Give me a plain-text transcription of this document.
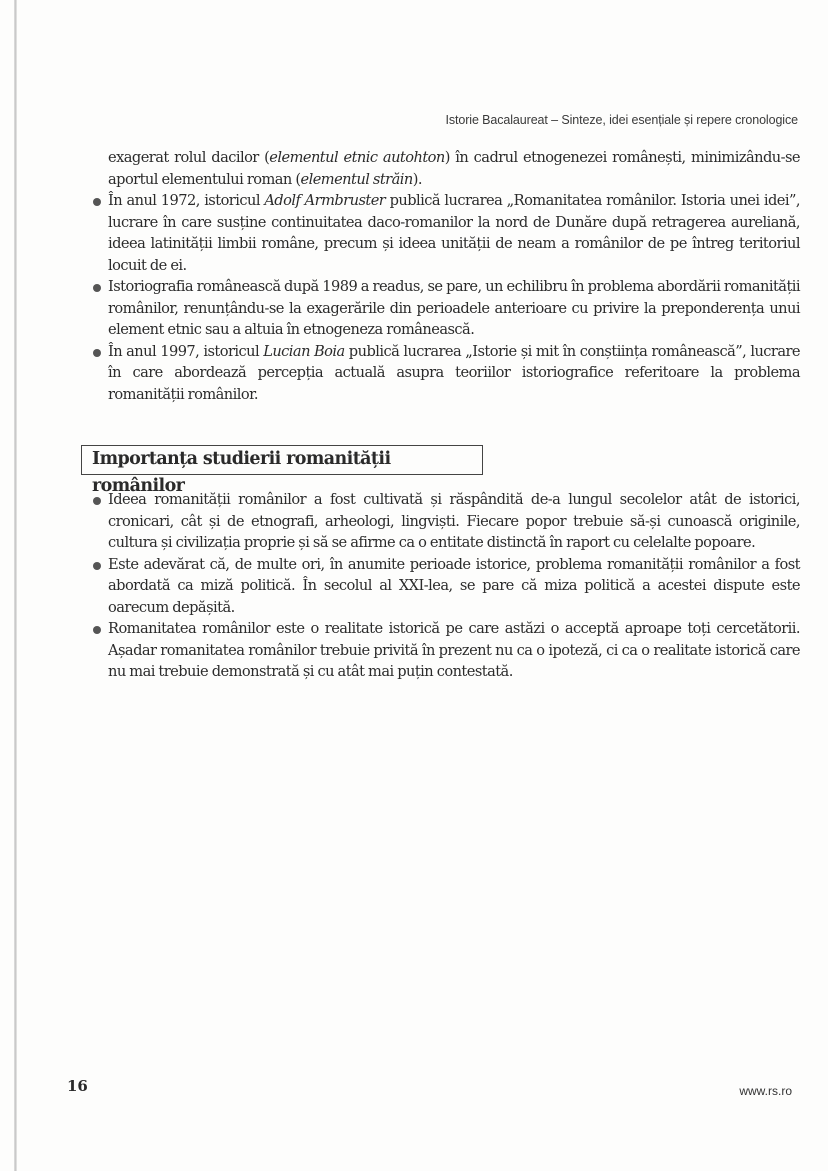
Istorie Bacalaureat – Sinteze, idei esențiale și repere cronologice

exagerat rolul dacilor (elementul etnic autohton) în cadrul etnogenezei românești, minimizându-se aportul elementului roman (elementul străin).

În anul 1972, istoricul Adolf Armbruster publică lucrarea „Romanitatea românilor. Istoria unei idei”, lucrare în care susține continuitatea daco-romanilor la nord de Dunăre după retragerea aureliană, ideea latinității limbii române, precum și ideea unității de neam a românilor de pe întreg teritoriul locuit de ei.

Istoriografia românească după 1989 a readus, se pare, un echilibru în problema abordării romanității românilor, renunțându-se la exagerările din perioadele anterioare cu privire la preponderența unui element etnic sau a altuia în etnogeneza românească.

În anul 1997, istoricul Lucian Boia publică lucrarea „Istorie și mit în conștiința românească”, lucrare în care abordează percepția actuală asupra teoriilor istoriografice referitoare la problema romanității românilor.

Importanța studierii romanității românilor

Ideea romanității românilor a fost cultivată și răspândită de-a lungul secolelor atât de istorici, cronicari, cât și de etnografi, arheologi, lingviști. Fiecare popor trebuie să-și cunoască originile, cultura și civilizația proprie și să se afirme ca o entitate distinctă în raport cu celelalte popoare.

Este adevărat că, de multe ori, în anumite perioade istorice, problema romanității românilor a fost abordată ca miză politică. În secolul al XXI-lea, se pare că miza politică a acestei dispute este oarecum depășită.

Romanitatea românilor este o realitate istorică pe care astăzi o acceptă aproape toți cercetătorii. Așadar romanitatea românilor trebuie privită în prezent nu ca o ipoteză, ci ca o realitate istorică care nu mai trebuie demonstrată și cu atât mai puțin contestată.

16	www.rs.ro
